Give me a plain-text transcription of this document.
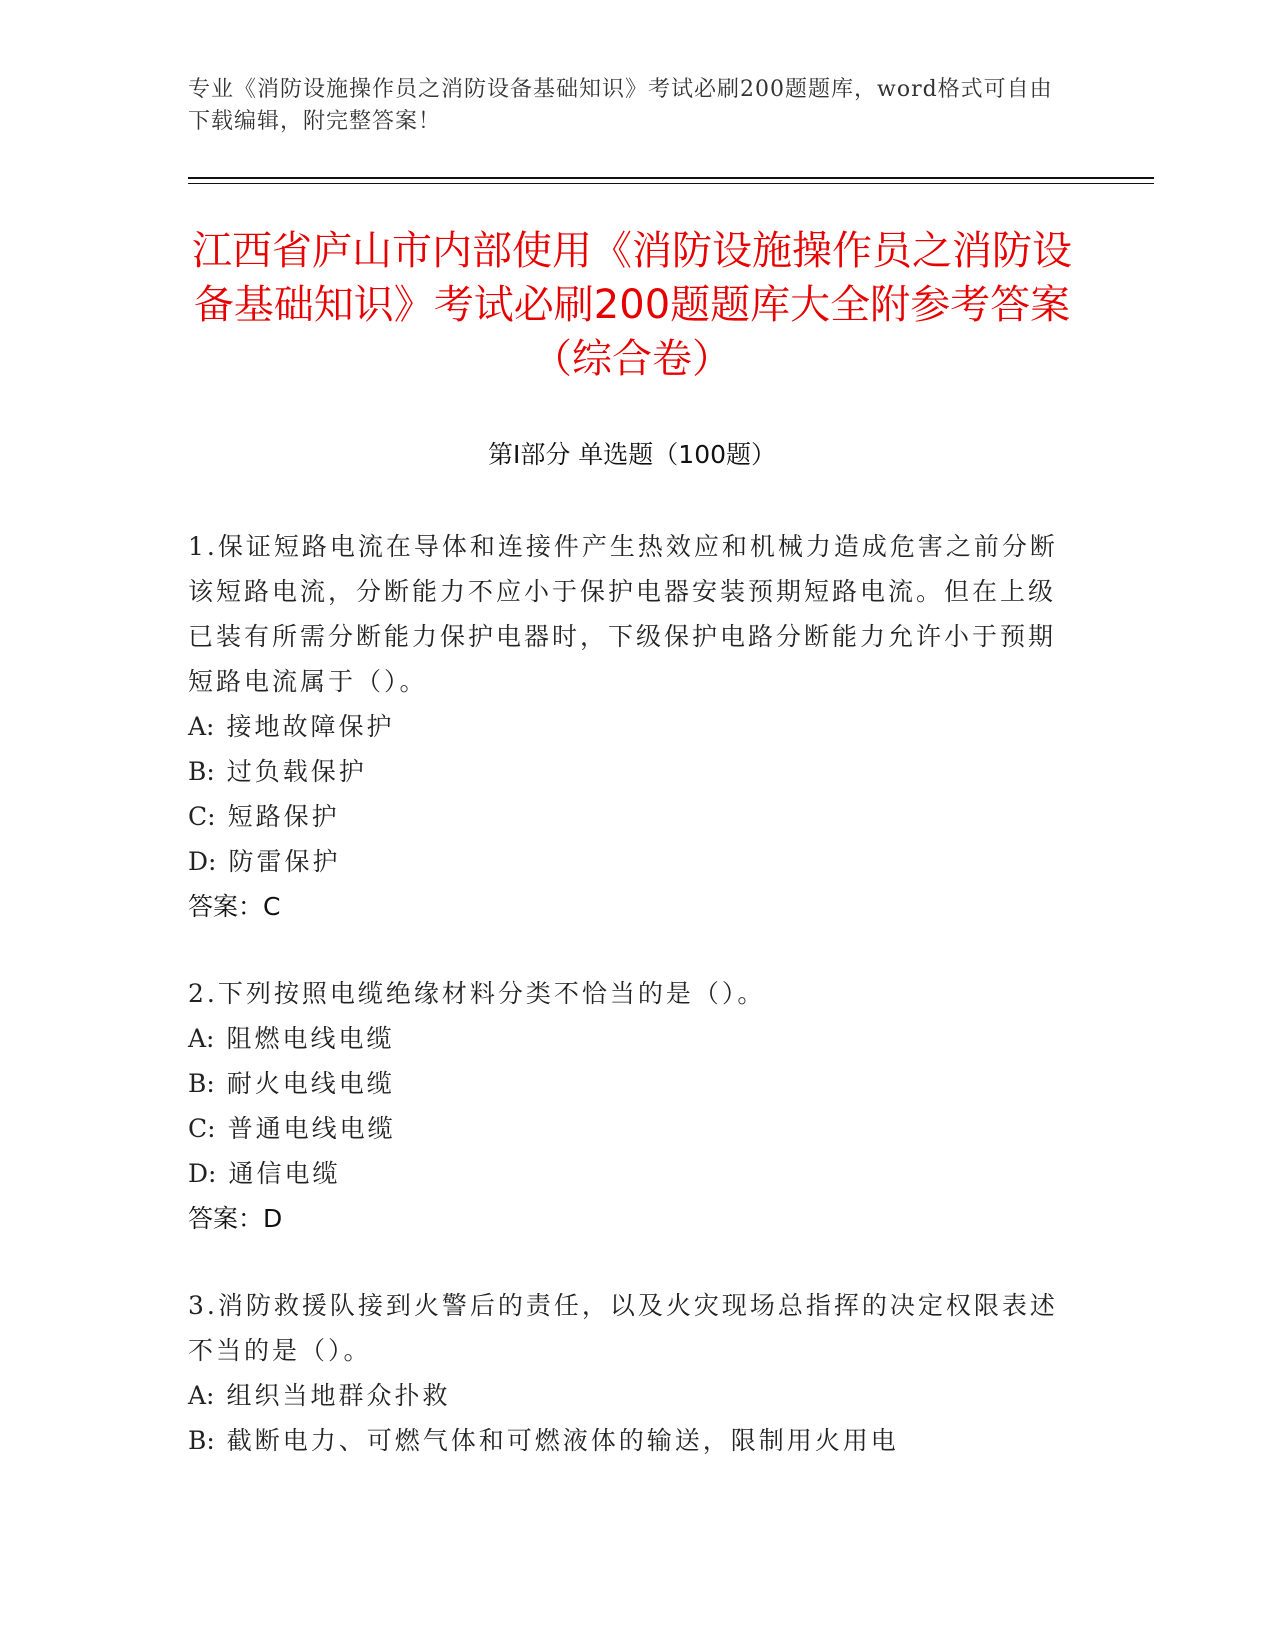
专业《消防设施操作员之消防设备基础知识》考试必刷200题题库，word格式可自由下载编辑，附完整答案！
江西省庐山市内部使用《消防设施操作员之消防设备基础知识》考试必刷200题题库大全附参考答案（综合卷）
第I部分 单选题（100题）

1.保证短路电流在导体和连接件产生热效应和机械力造成危害之前分断该短路电流，分断能力不应小于保护电器安装预期短路电流。但在上级已装有所需分断能力保护电器时，下级保护电路分断能力允许小于预期短路电流属于（）。

A: 接地故障保护

B: 过负载保护

C: 短路保护

D: 防雷保护

答案：C

2.下列按照电缆绝缘材料分类不恰当的是（）。

A: 阻燃电线电缆

B: 耐火电线电缆

C: 普通电线电缆

D: 通信电缆

答案：D

3.消防救援队接到火警后的责任，以及火灾现场总指挥的决定权限表述不当的是（）。

A: 组织当地群众扑救

B: 截断电力、可燃气体和可燃液体的输送，限制用火用电
